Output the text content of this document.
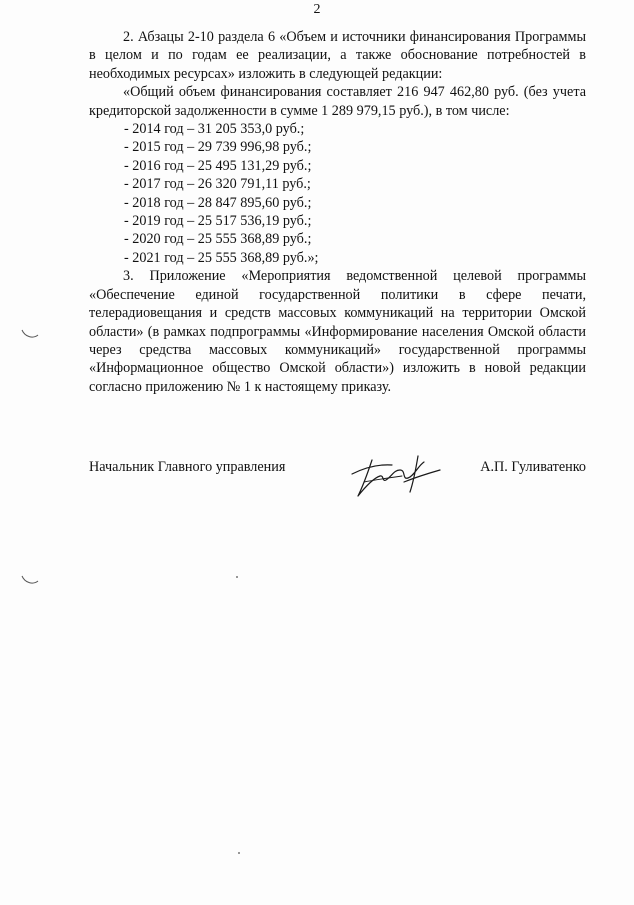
2

2. Абзацы 2-10 раздела 6 «Объем и источники финансирования Программы в целом и по годам ее реализации, а также обоснование потребностей в необходимых ресурсах» изложить в следующей редакции:

«Общий объем финансирования составляет 216 947 462,80 руб. (без учета кредиторской задолженности в сумме 1 289 979,15 руб.), в том числе:

- 2014 год – 31 205 353,0 руб.;
- 2015 год – 29 739 996,98 руб.;
- 2016 год – 25 495 131,29 руб.;
- 2017 год – 26 320 791,11 руб.;
- 2018 год – 28 847 895,60 руб.;
- 2019 год – 25 517 536,19 руб.;
- 2020 год – 25 555 368,89 руб.;
- 2021 год – 25 555 368,89 руб.»;

3. Приложение «Мероприятия ведомственной целевой программы «Обеспечение единой государственной политики в сфере печати, телерадиовещания и средств массовых коммуникаций на территории Омской области» (в рамках подпрограммы «Информирование населения Омской области через средства массовых коммуникаций» государственной программы «Информационное общество Омской области») изложить в новой редакции согласно приложению № 1 к настоящему приказу.

Начальник Главного управления	А.П. Гуливатенко
